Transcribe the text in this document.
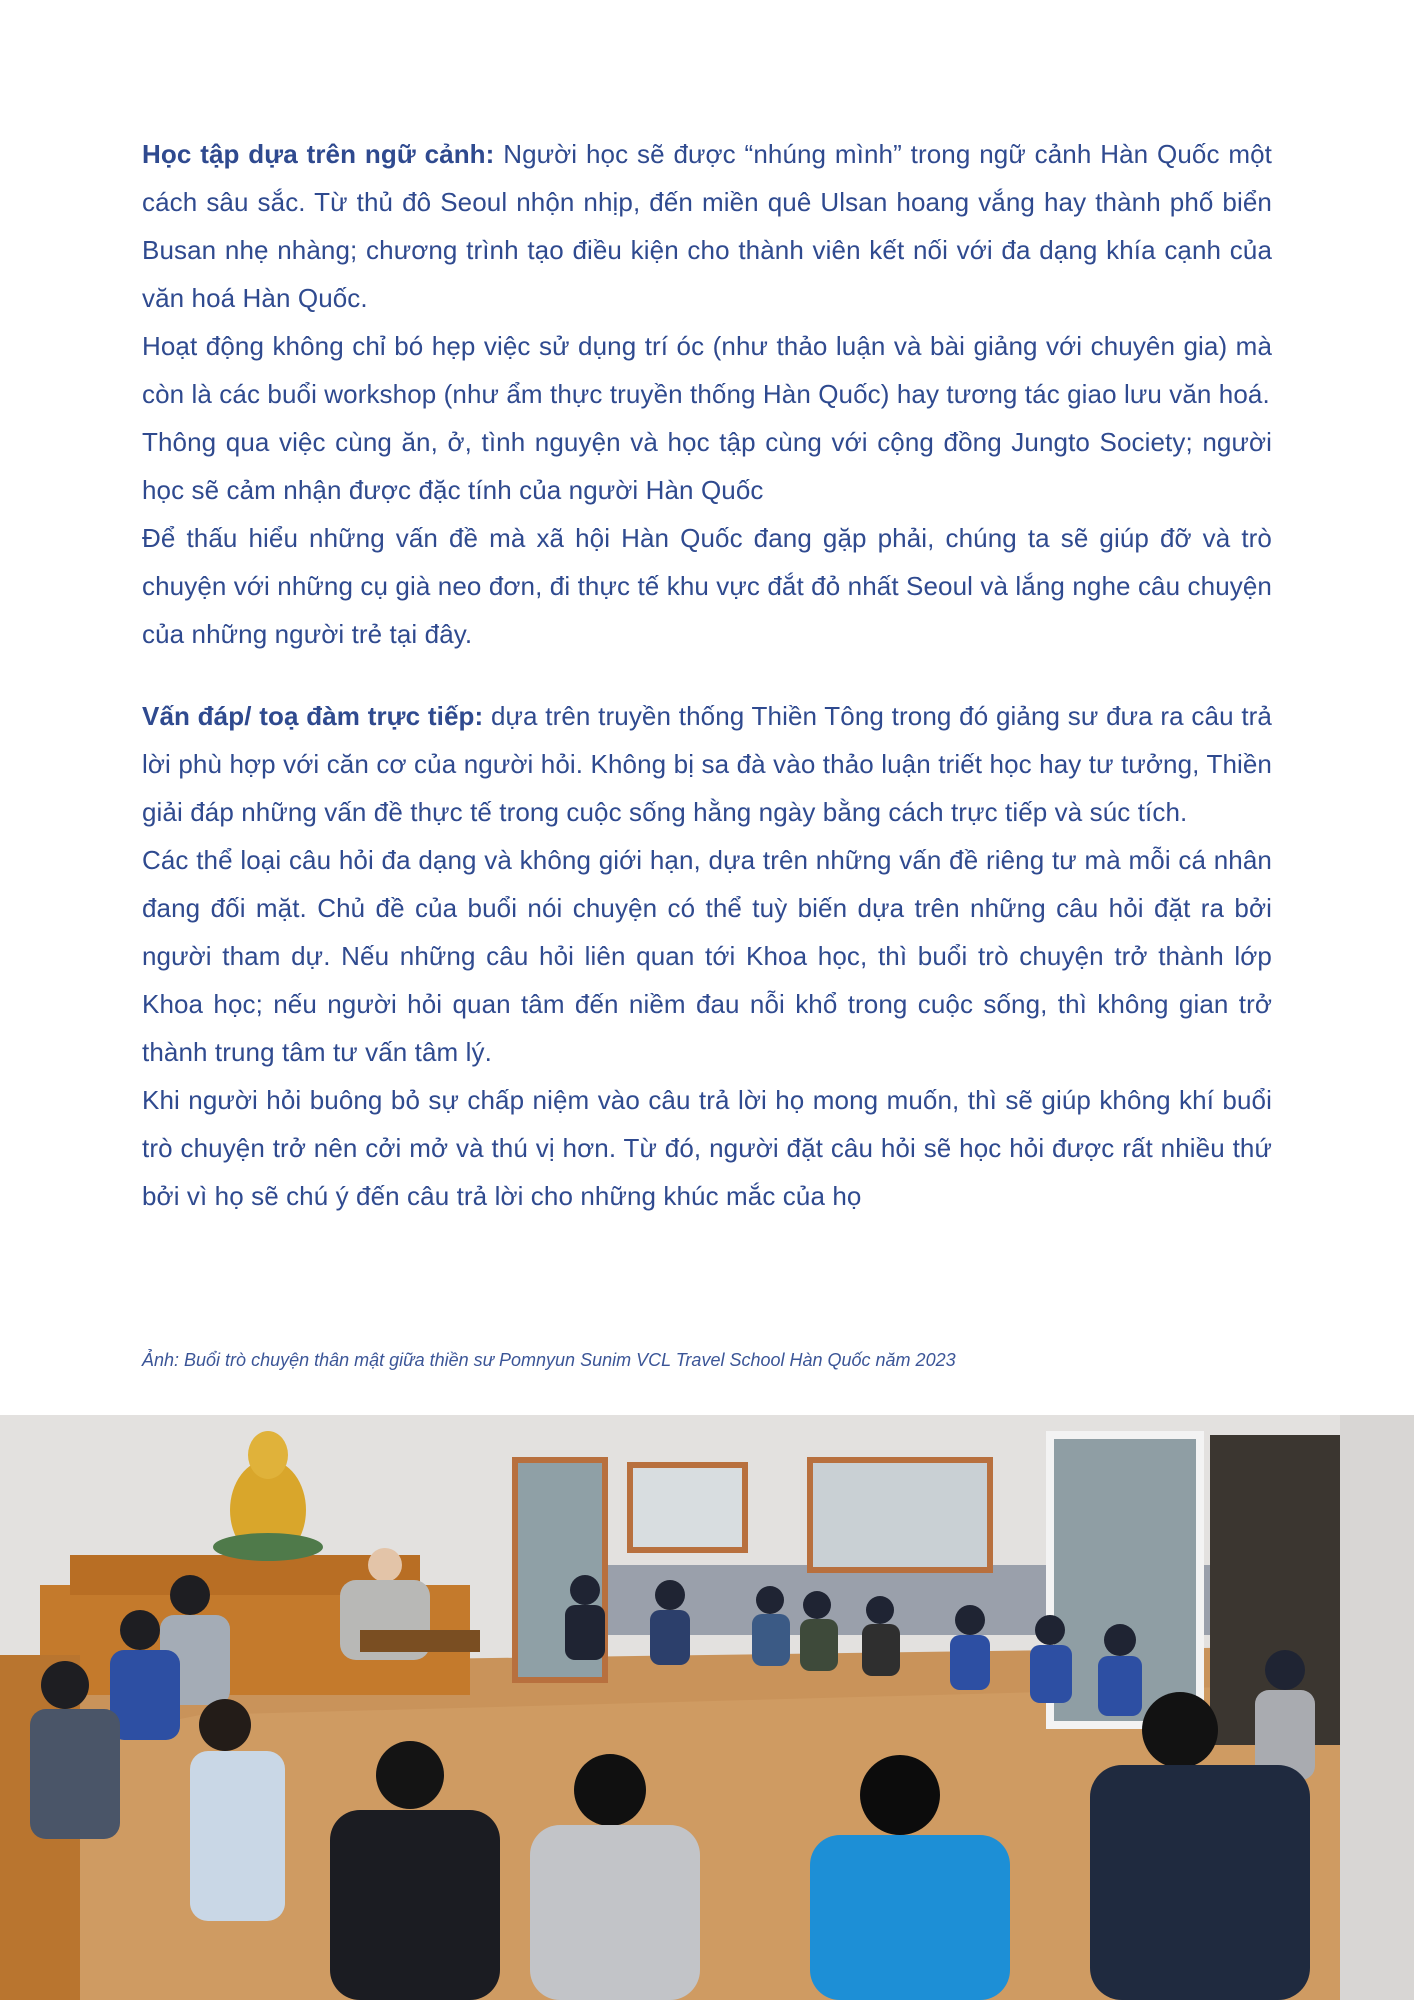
Học tập dựa trên ngữ cảnh: Người học sẽ được “nhúng mình” trong ngữ cảnh Hàn Quốc một cách sâu sắc. Từ thủ đô Seoul nhộn nhịp, đến miền quê Ulsan hoang vắng hay thành phố biển Busan nhẹ nhàng; chương trình tạo điều kiện cho thành viên kết nối với đa dạng khía cạnh của văn hoá Hàn Quốc.

Hoạt động không chỉ bó hẹp việc sử dụng trí óc (như thảo luận và bài giảng với chuyên gia) mà còn là các buổi workshop (như ẩm thực truyền thống Hàn Quốc) hay tương tác giao lưu văn hoá.

Thông qua việc cùng ăn, ở, tình nguyện và học tập cùng với cộng đồng Jungto Society; người học sẽ cảm nhận được đặc tính của người Hàn Quốc

Để thấu hiểu những vấn đề mà xã hội Hàn Quốc đang gặp phải, chúng ta sẽ giúp đỡ và trò chuyện với những cụ già neo đơn, đi thực tế khu vực đắt đỏ nhất Seoul và lắng nghe câu chuyện của những người trẻ tại đây.

Vấn đáp/ toạ đàm trực tiếp: dựa trên truyền thống Thiền Tông trong đó giảng sư đưa ra câu trả lời phù hợp với căn cơ của người hỏi. Không bị sa đà vào thảo luận triết học hay tư tưởng, Thiền giải đáp những vấn đề thực tế trong cuộc sống hằng ngày bằng cách trực tiếp và súc tích.

Các thể loại câu hỏi đa dạng và không giới hạn, dựa trên những vấn đề riêng tư mà mỗi cá nhân đang đối mặt. Chủ đề của buổi nói chuyện có thể tuỳ biến dựa trên những câu hỏi đặt ra bởi người tham dự. Nếu những câu hỏi liên quan tới Khoa học, thì buổi trò chuyện trở thành lớp Khoa học; nếu người hỏi quan tâm đến niềm đau nỗi khổ trong cuộc sống, thì không gian trở thành trung tâm tư vấn tâm lý.

Khi người hỏi buông bỏ sự chấp niệm vào câu trả lời họ mong muốn, thì sẽ giúp không khí buổi trò chuyện trở nên cởi mở và thú vị hơn. Từ đó, người đặt câu hỏi sẽ học hỏi được rất nhiều thứ bởi vì họ sẽ chú ý đến câu trả lời cho những khúc mắc của họ

Ảnh: Buổi trò chuyện thân mật giữa thiền sư Pomnyun Sunim VCL Travel School Hàn Quốc năm 2023
